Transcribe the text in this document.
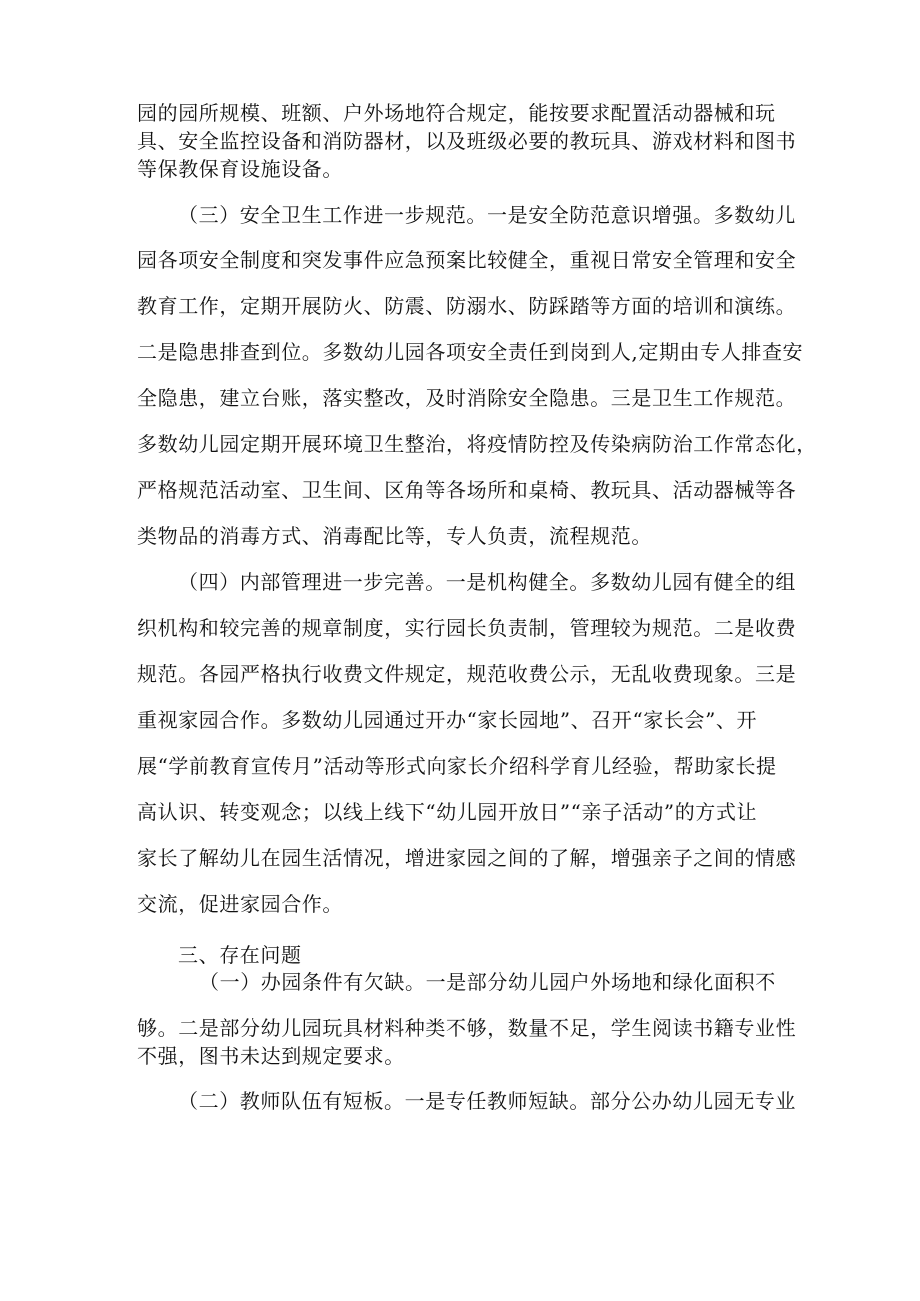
园的园所规模、班额、户外场地符合规定，能按要求配置活动器械和玩
具、安全监控设备和消防器材，以及班级必要的教玩具、游戏材料和图书
等保教保育设施设备。
（三）安全卫生工作进一步规范。一是安全防范意识增强。多数幼儿
园各项安全制度和突发事件应急预案比较健全，重视日常安全管理和安全
教育工作，定期开展防火、防震、防溺水、防踩踏等方面的培训和演练。
二是隐患排查到位。多数幼儿园各项安全责任到岗到人,定期由专人排查安
全隐患，建立台账，落实整改，及时消除安全隐患。三是卫生工作规范。
多数幼儿园定期开展环境卫生整治，将疫情防控及传染病防治工作常态化，
严格规范活动室、卫生间、区角等各场所和桌椅、教玩具、活动器械等各
类物品的消毒方式、消毒配比等，专人负责，流程规范。
（四）内部管理进一步完善。一是机构健全。多数幼儿园有健全的组
织机构和较完善的规章制度，实行园长负责制，管理较为规范。二是收费
规范。各园严格执行收费文件规定，规范收费公示，无乱收费现象。三是
重视家园合作。多数幼儿园通过开办“家长园地”、召开“家长会”、开
展“学前教育宣传月”活动等形式向家长介绍科学育儿经验，帮助家长提
高认识、转变观念；以线上线下“幼儿园开放日”“亲子活动”的方式让
家长了解幼儿在园生活情况，增进家园之间的了解，增强亲子之间的情感
交流，促进家园合作。
三、存在问题
（一）办园条件有欠缺。一是部分幼儿园户外场地和绿化面积不
够。二是部分幼儿园玩具材料种类不够，数量不足，学生阅读书籍专业性
不强，图书未达到规定要求。
（二）教师队伍有短板。一是专任教师短缺。部分公办幼儿园无专业
